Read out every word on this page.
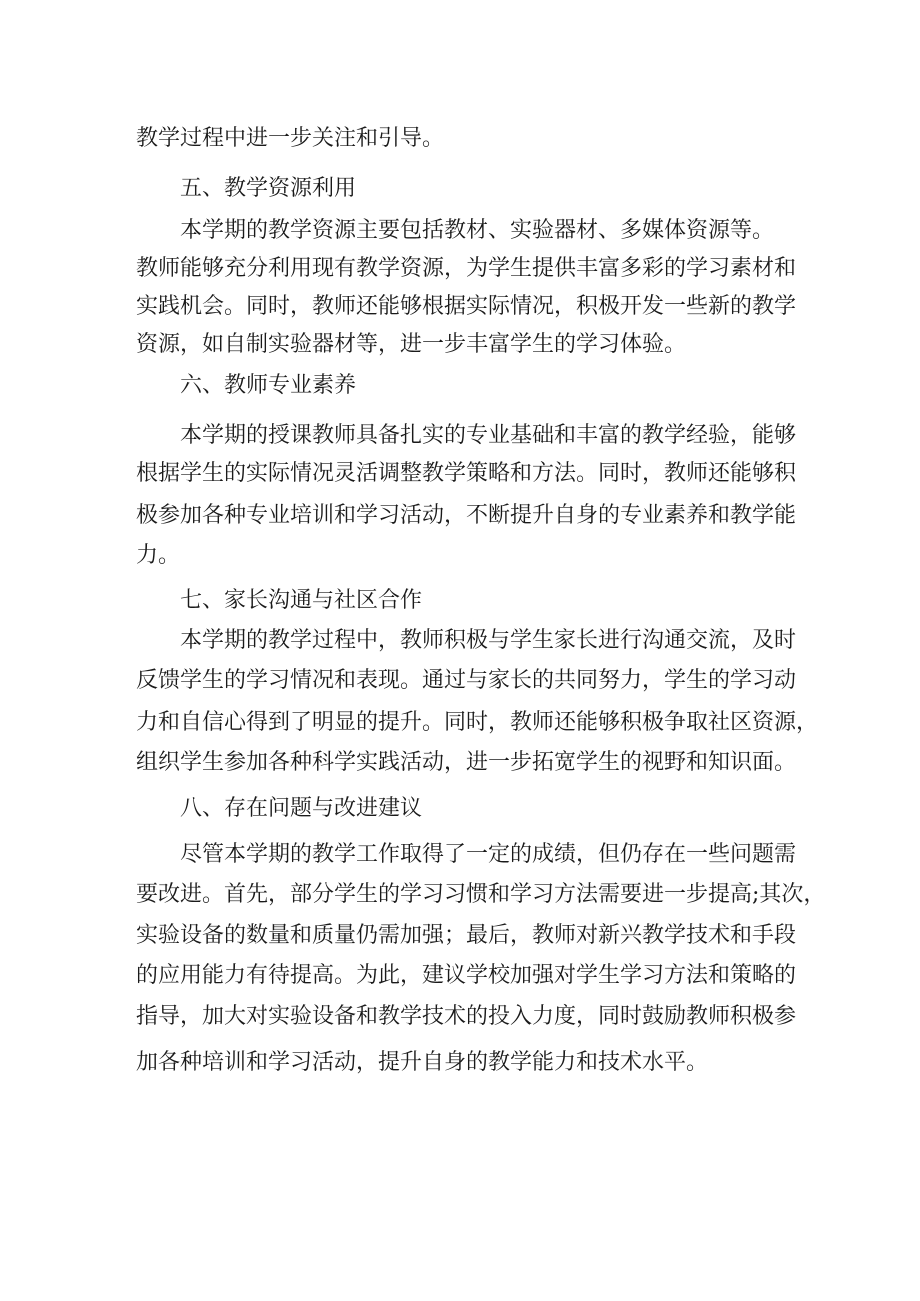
教学过程中进一步关注和引导。
五、教学资源利用
本学期的教学资源主要包括教材、实验器材、多媒体资源等。
教师能够充分利用现有教学资源，为学生提供丰富多彩的学习素材和
实践机会。同时，教师还能够根据实际情况，积极开发一些新的教学
资源，如自制实验器材等，进一步丰富学生的学习体验。
六、教师专业素养
本学期的授课教师具备扎实的专业基础和丰富的教学经验，能够
根据学生的实际情况灵活调整教学策略和方法。同时，教师还能够积
极参加各种专业培训和学习活动，不断提升自身的专业素养和教学能
力。
七、家长沟通与社区合作
本学期的教学过程中，教师积极与学生家长进行沟通交流，及时
反馈学生的学习情况和表现。通过与家长的共同努力，学生的学习动
力和自信心得到了明显的提升。同时，教师还能够积极争取社区资源，
组织学生参加各种科学实践活动，进一步拓宽学生的视野和知识面。
八、存在问题与改进建议
尽管本学期的教学工作取得了一定的成绩，但仍存在一些问题需
要改进。首先，部分学生的学习习惯和学习方法需要进一步提高;其次，
实验设备的数量和质量仍需加强；最后，教师对新兴教学技术和手段
的应用能力有待提高。为此，建议学校加强对学生学习方法和策略的
指导，加大对实验设备和教学技术的投入力度，同时鼓励教师积极参
加各种培训和学习活动，提升自身的教学能力和技术水平。
